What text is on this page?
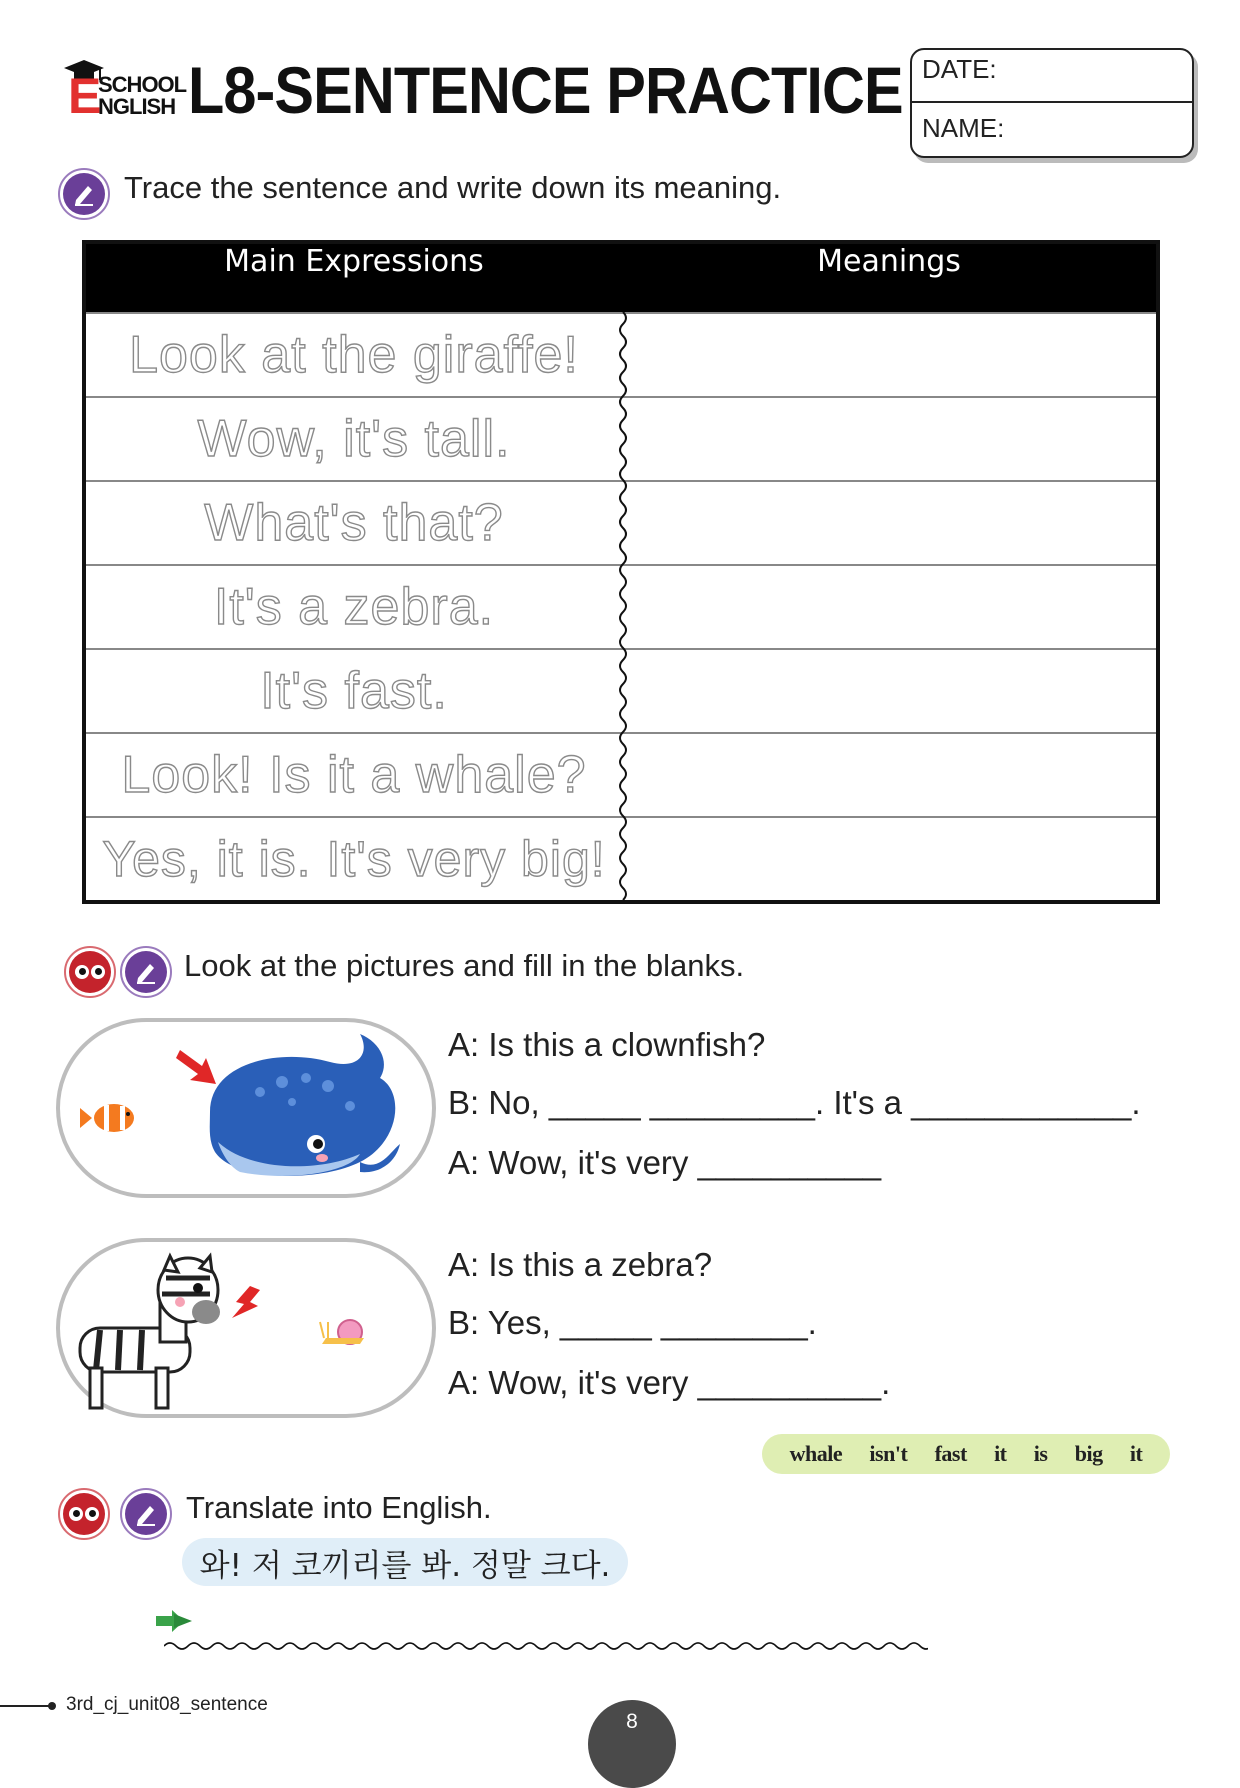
E
SCHOOL
NGLISH L8-SENTENCE PRACTICE DATE:
NAME:
Trace the sentence and write down its meaning.
Main Expressions	Meanings
Look at the giraffe!
Wow, it's tall.
What's that?
It's a zebra.
It's fast.
Look! Is it a whale?
Yes, it is. It's very big!
Look at the pictures and fill in the blanks.
A: Is this a clownfish?
B: No, _____ _________. It's a ____________.
A: Wow, it's very __________
A: Is this a zebra?
B: Yes, _____ ________.
A: Wow, it's very __________.
whale isn't fast it is big it
Translate into English.
와! 저 코끼리를 봐. 정말 크다.
3rd_cj_unit08_sentence
8
